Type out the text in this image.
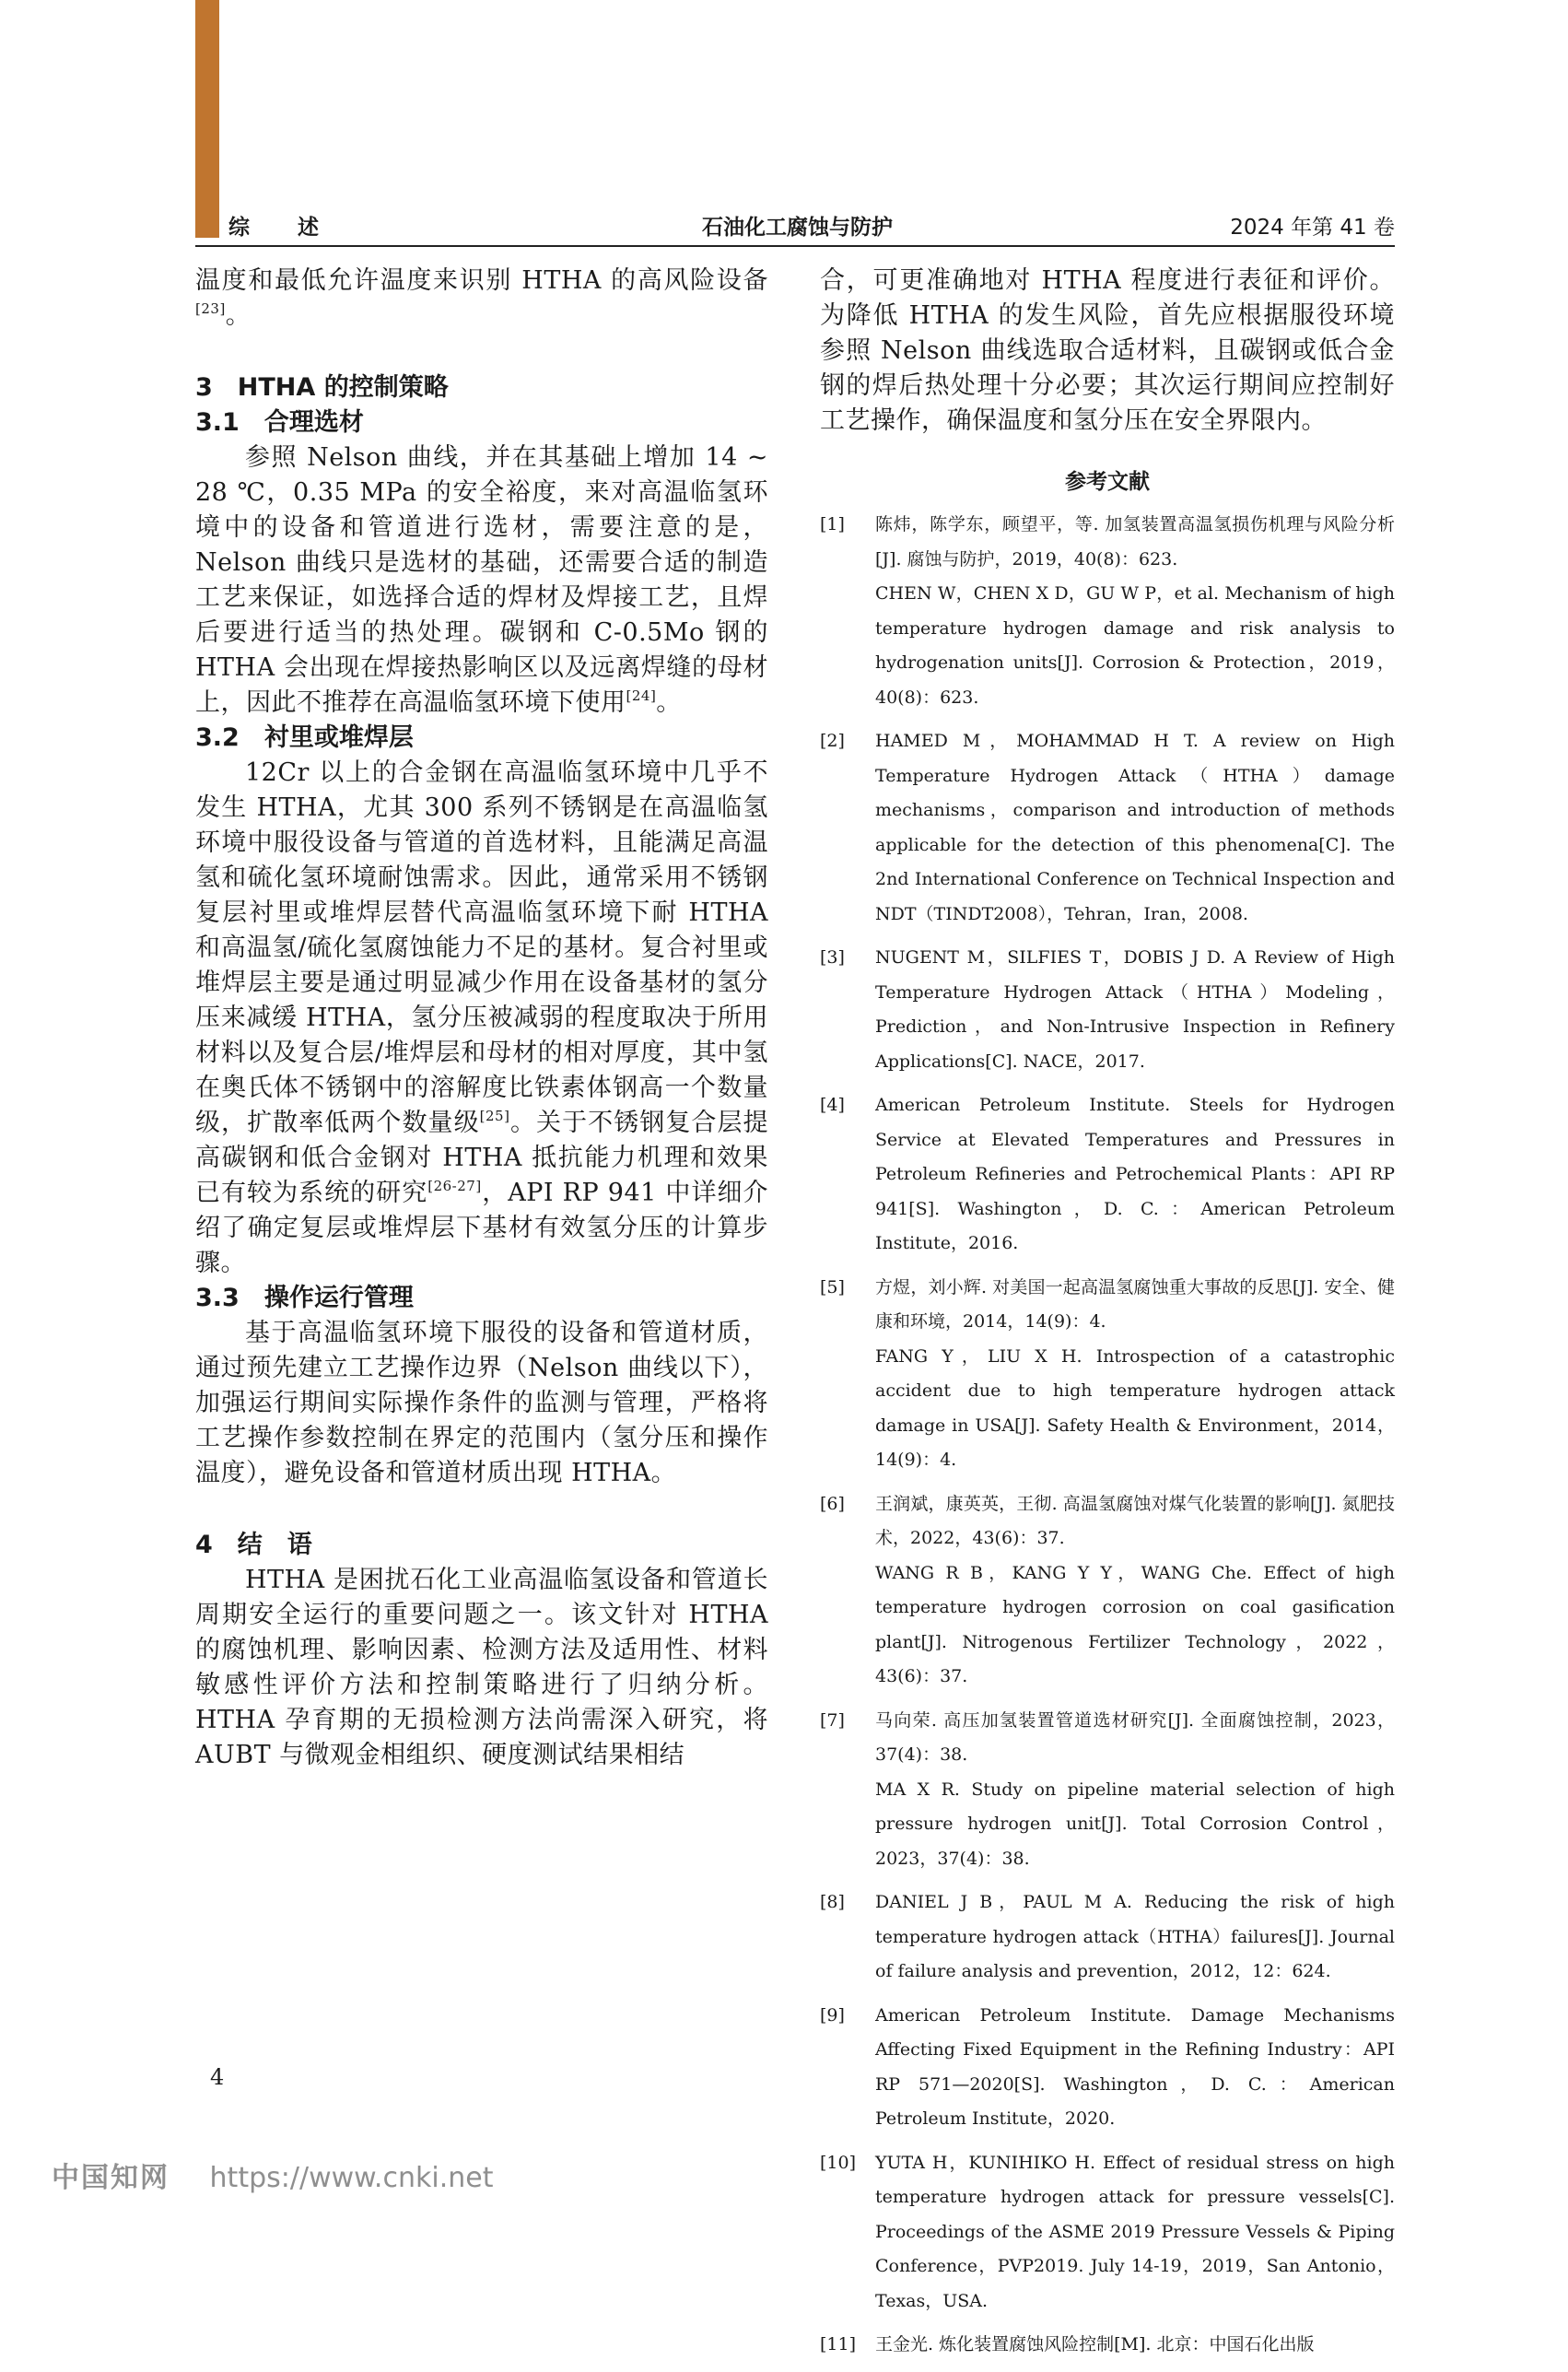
综述	石油化工腐蚀与防护	2024 年第 41 卷

温度和最低允许温度来识别 HTHA 的高风险设备[23]。

3　HTHA 的控制策略

3.1　合理选材

参照 Nelson 曲线，并在其基础上增加 14 ~ 28 ℃，0.35 MPa 的安全裕度，来对高温临氢环境中的设备和管道进行选材，需要注意的是，Nelson 曲线只是选材的基础，还需要合适的制造工艺来保证，如选择合适的焊材及焊接工艺，且焊后要进行适当的热处理。碳钢和 C-0.5Mo 钢的 HTHA 会出现在焊接热影响区以及远离焊缝的母材上，因此不推荐在高温临氢环境下使用[24]。

3.2　衬里或堆焊层

12Cr 以上的合金钢在高温临氢环境中几乎不发生 HTHA，尤其 300 系列不锈钢是在高温临氢环境中服役设备与管道的首选材料，且能满足高温氢和硫化氢环境耐蚀需求。因此，通常采用不锈钢复层衬里或堆焊层替代高温临氢环境下耐 HTHA 和高温氢/硫化氢腐蚀能力不足的基材。复合衬里或堆焊层主要是通过明显减少作用在设备基材的氢分压来减缓 HTHA，氢分压被减弱的程度取决于所用材料以及复合层/堆焊层和母材的相对厚度，其中氢在奥氏体不锈钢中的溶解度比铁素体钢高一个数量级，扩散率低两个数量级[25]。关于不锈钢复合层提高碳钢和低合金钢对 HTHA 抵抗能力机理和效果已有较为系统的研究[26-27]，API RP 941 中详细介绍了确定复层或堆焊层下基材有效氢分压的计算步骤。

3.3　操作运行管理

基于高温临氢环境下服役的设备和管道材质，通过预先建立工艺操作边界（Nelson 曲线以下），加强运行期间实际操作条件的监测与管理，严格将工艺操作参数控制在界定的范围内（氢分压和操作温度），避免设备和管道材质出现 HTHA。

4　结　语

HTHA 是困扰石化工业高温临氢设备和管道长周期安全运行的重要问题之一。该文针对 HTHA 的腐蚀机理、影响因素、检测方法及适用性、材料敏感性评价方法和控制策略进行了归纳分析。HTHA 孕育期的无损检测方法尚需深入研究，将 AUBT 与微观金相组织、硬度测试结果相结

合，可更准确地对 HTHA 程度进行表征和评价。为降低 HTHA 的发生风险，首先应根据服役环境参照 Nelson 曲线选取合适材料，且碳钢或低合金钢的焊后热处理十分必要；其次运行期间应控制好工艺操作，确保温度和氢分压在安全界限内。

参考文献
[1]	陈炜，陈学东，顾望平，等. 加氢装置高温氢损伤机理与风险分析[J]. 腐蚀与防护，2019，40(8)：623.
CHEN W，CHEN X D，GU W P，et al. Mechanism of high temperature hydrogen damage and risk analysis to hydrogenation units[J]. Corrosion & Protection，2019，40(8)：623.
[2]	HAMED M，MOHAMMAD H T. A review on High Temperature Hydrogen Attack（HTHA）damage mechanisms，comparison and introduction of methods applicable for the detection of this phenomena[C]. The 2nd International Conference on Technical Inspection and NDT（TINDT2008），Tehran，Iran，2008.
[3]	NUGENT M，SILFIES T，DOBIS J D. A Review of High Temperature Hydrogen Attack（HTHA）Modeling，Prediction，and Non-Intrusive Inspection in Refinery Applications[C]. NACE，2017.
[4]	American Petroleum Institute. Steels for Hydrogen Service at Elevated Temperatures and Pressures in Petroleum Refineries and Petrochemical Plants：API RP 941[S]. Washington，D. C.：American Petroleum Institute，2016.
[5]	方煜，刘小辉. 对美国一起高温氢腐蚀重大事故的反思[J]. 安全、健康和环境，2014，14(9)：4.
FANG Y，LIU X H. Introspection of a catastrophic accident due to high temperature hydrogen attack damage in USA[J]. Safety Health & Environment，2014，14(9)：4.
[6]	王润斌，康英英，王彻. 高温氢腐蚀对煤气化装置的影响[J]. 氮肥技术，2022，43(6)：37.
WANG R B，KANG Y Y，WANG Che. Effect of high temperature hydrogen corrosion on coal gasification plant[J]. Nitrogenous Fertilizer Technology，2022，43(6)：37.
[7]	马向荣. 高压加氢装置管道选材研究[J]. 全面腐蚀控制，2023，37(4)：38.
MA X R. Study on pipeline material selection of high pressure hydrogen unit[J]. Total Corrosion Control，2023，37(4)：38.
[8]	DANIEL J B，PAUL M A. Reducing the risk of high temperature hydrogen attack（HTHA）failures[J]. Journal of failure analysis and prevention，2012，12：624.
[9]	American Petroleum Institute. Damage Mechanisms Affecting Fixed Equipment in the Refining Industry：API RP 571—2020[S]. Washington，D. C.：American Petroleum Institute，2020.
[10]	YUTA H，KUNIHIKO H. Effect of residual stress on high temperature hydrogen attack for pressure vessels[C]. Proceedings of the ASME 2019 Pressure Vessels & Piping Conference，PVP2019. July 14-19，2019，San Antonio，Texas，USA.
[11]	王金光. 炼化装置腐蚀风险控制[M]. 北京：中国石化出版
4
中国知网 https://www.cnki.net
